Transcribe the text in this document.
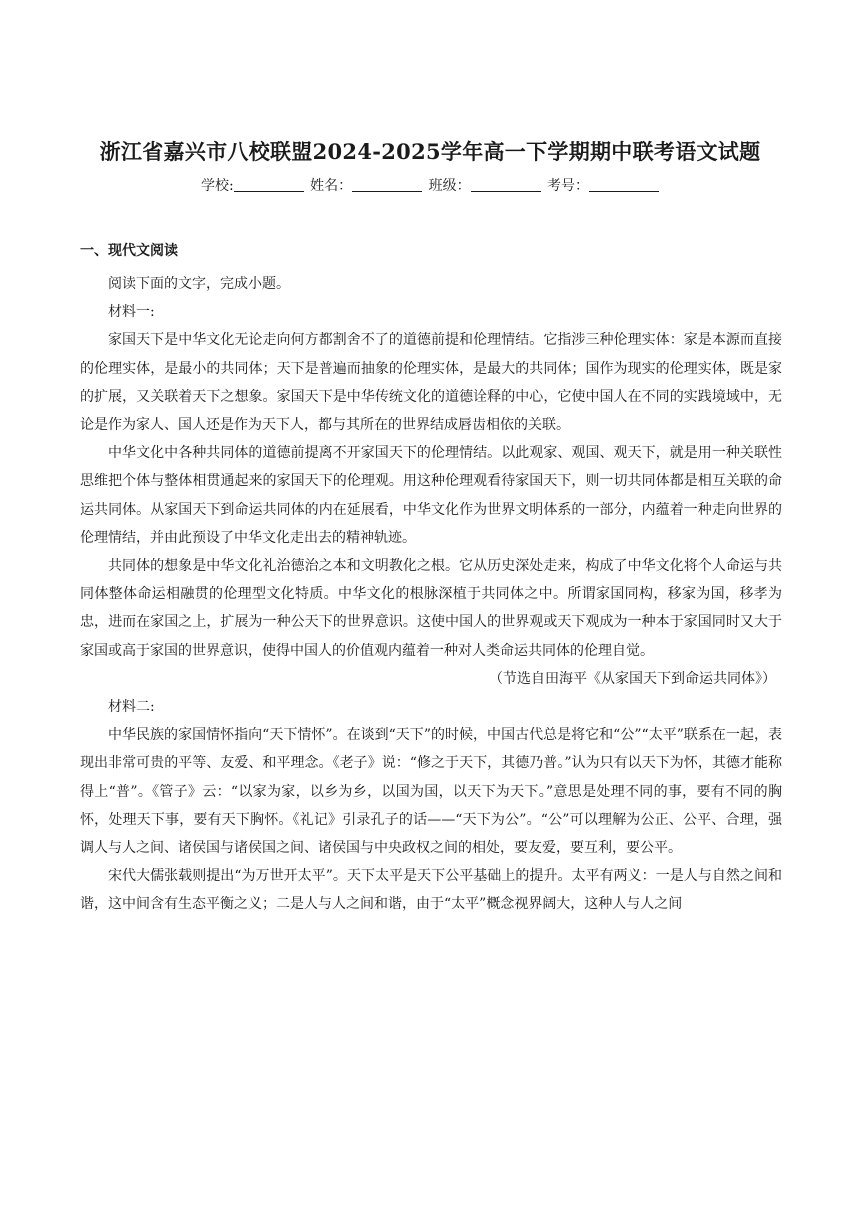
浙江省嘉兴市八校联盟2024-2025学年高一下学期期中联考语文试题
学校:	姓名：	班级：	考号：

一、现代文阅读

阅读下面的文字，完成小题。

材料一:

家国天下是中华文化无论走向何方都割舍不了的道德前提和伦理情结。它指涉三种伦理实体：家是本源而直接的伦理实体，是最小的共同体；天下是普遍而抽象的伦理实体，是最大的共同体；国作为现实的伦理实体，既是家的扩展，又关联着天下之想象。家国天下是中华传统文化的道德诠释的中心，它使中国人在不同的实践境域中，无论是作为家人、国人还是作为天下人，都与其所在的世界结成唇齿相依的关联。

中华文化中各种共同体的道德前提离不开家国天下的伦理情结。以此观家、观国、观天下，就是用一种关联性思维把个体与整体相贯通起来的家国天下的伦理观。用这种伦理观看待家国天下，则一切共同体都是相互关联的命运共同体。从家国天下到命运共同体的内在延展看，中华文化作为世界文明体系的一部分，内蕴着一种走向世界的伦理情结，并由此预设了中华文化走出去的精神轨迹。

共同体的想象是中华文化礼治德治之本和文明教化之根。它从历史深处走来，构成了中华文化将个人命运与共同体整体命运相融贯的伦理型文化特质。中华文化的根脉深植于共同体之中。所谓家国同构，移家为国，移孝为忠，进而在家国之上，扩展为一种公天下的世界意识。这使中国人的世界观或天下观成为一种本于家国同时又大于家国或高于家国的世界意识，使得中国人的价值观内蕴着一种对人类命运共同体的伦理自觉。

（节选自田海平《从家国天下到命运共同体》）

材料二:

中华民族的家国情怀指向“天下情怀”。在谈到“天下”的时候，中国古代总是将它和“公”“太平”联系在一起，表现出非常可贵的平等、友爱、和平理念。《老子》说：“修之于天下，其德乃普。”认为只有以天下为怀，其德才能称得上“普”。《管子》云：“以家为家，以乡为乡，以国为国，以天下为天下。”意思是处理不同的事，要有不同的胸怀，处理天下事，要有天下胸怀。《礼记》引录孔子的话——“天下为公”。“公”可以理解为公正、公平、合理，强调人与人之间、诸侯国与诸侯国之间、诸侯国与中央政权之间的相处，要友爱，要互利，要公平。

宋代大儒张载则提出“为万世开太平”。天下太平是天下公平基础上的提升。太平有两义：一是人与自然之间和谐，这中间含有生态平衡之义；二是人与人之间和谐，由于“太平”概念视界阔大，这种人与人之间
